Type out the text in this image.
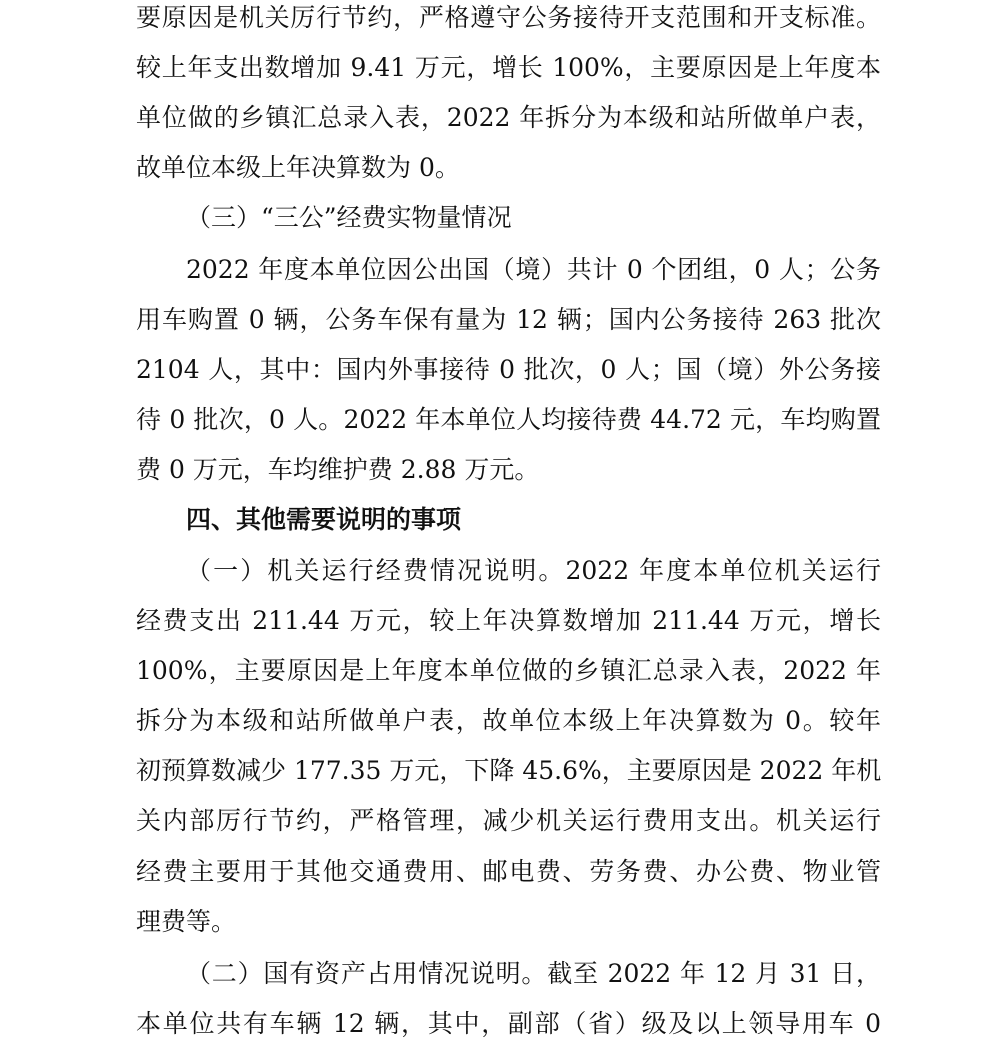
要原因是机关厉行节约，严格遵守公务接待开支范围和开支标准。
较上年支出数增加 9.41 万元，增长 100%，主要原因是上年度本
单位做的乡镇汇总录入表，2022 年拆分为本级和站所做单户表，
故单位本级上年决算数为 0。
（三）“三公”经费实物量情况
2022 年度本单位因公出国（境）共计 0 个团组，0 人；公务
用车购置 0 辆，公务车保有量为 12 辆；国内公务接待 263 批次
2104 人，其中：国内外事接待 0 批次，0 人；国（境）外公务接
待 0 批次，0 人。2022 年本单位人均接待费 44.72 元，车均购置
费 0 万元，车均维护费 2.88 万元。
四、其他需要说明的事项
（一）机关运行经费情况说明。2022 年度本单位机关运行
经费支出 211.44 万元，较上年决算数增加 211.44 万元，增长
100%，主要原因是上年度本单位做的乡镇汇总录入表，2022 年
拆分为本级和站所做单户表，故单位本级上年决算数为 0。较年
初预算数减少 177.35 万元，下降 45.6%，主要原因是 2022 年机
关内部厉行节约，严格管理，减少机关运行费用支出。机关运行
经费主要用于其他交通费用、邮电费、劳务费、办公费、物业管
理费等。
（二）国有资产占用情况说明。截至 2022 年 12 月 31 日，
本单位共有车辆 12 辆，其中，副部（省）级及以上领导用车 0
